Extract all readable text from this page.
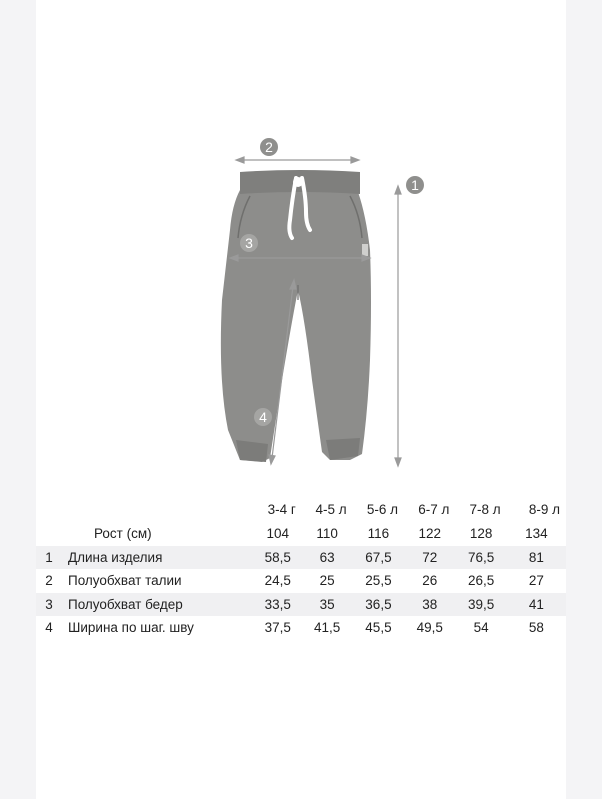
1
2
3
4
		3-4 г	4-5 л	5-6 л	6-7 л	7-8 л	8-9 л
	Рост (см)	104	110	116	122	128	134
1	Длина изделия	58,5	63	67,5	72	76,5	81
2	Полуобхват талии	24,5	25	25,5	26	26,5	27
3	Полуобхват бедер	33,5	35	36,5	38	39,5	41
4	Ширина по шаг. шву	37,5	41,5	45,5	49,5	54	58
